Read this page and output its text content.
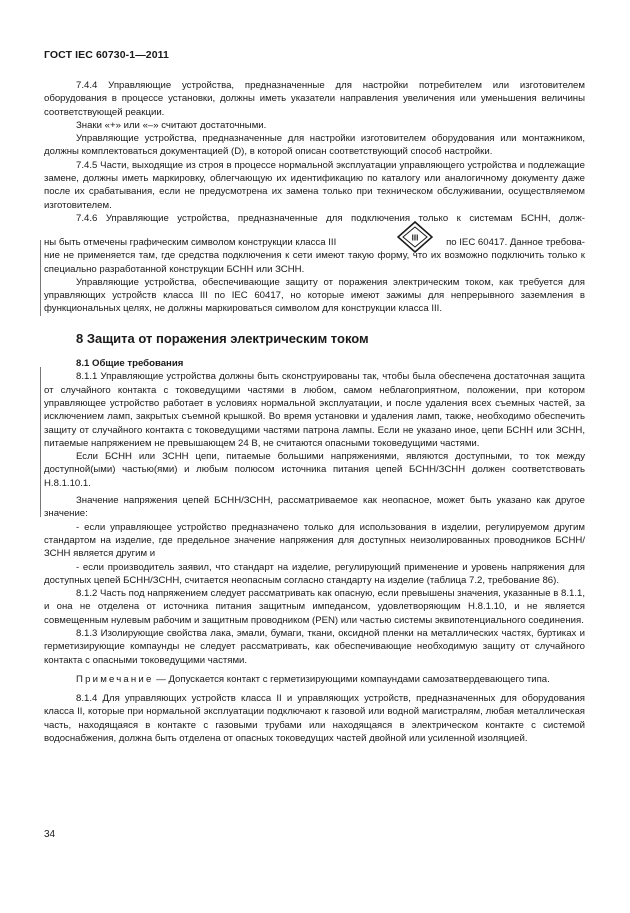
ГОСТ IEC 60730-1—2011

7.4.4 Управляющие устройства, предназначенные для настройки потребителем или изготовителем оборудования в процессе установки, должны иметь указатели направления увеличения или уменьшения величины соответствующей реакции.

Знаки «+» или «–» считают достаточными.

Управляющие устройства, предназначенные для настройки изготовителем оборудования или монтажником, должны комплектоваться документацией (D), в которой описан соответствующий способ настройки.

7.4.5 Части, выходящие из строя в процессе нормальной эксплуатации управляющего устройства и подлежащие замене, должны иметь маркировку, облегчающую их идентификацию по каталогу или аналогичному документу даже после их срабатывания, если не предусмотрена их замена только при техническом обслуживании, осуществляемом изготовителем.

7.4.6 Управляющие устройства, предназначенные для подключения только к системам БСНН, долж-

ны быть отмечены графическим символом конструкции класса III	III	по IEC 60417. Данное требова-

ние не применяется там, где средства подключения к сети имеют такую форму, что их возможно подключить только к специально разработанной конструкции БСНН или ЗСНН.

Управляющие устройства, обеспечивающие защиту от поражения электрическим током, как требуется для управляющих устройств класса III по IEC 60417, но которые имеют зажимы для непрерывного заземления в функциональных целях, не должны маркироваться символом для конструкции класса III.

8 Защита от поражения электрическим током

8.1 Общие требования

8.1.1 Управляющие устройства должны быть сконструированы так, чтобы была обеспечена достаточная защита от случайного контакта с токоведущими частями в любом, самом неблагоприятном, положении, при котором управляющее устройство работает в условиях нормальной эксплуатации, и после удаления всех съемных частей, за исключением ламп, закрытых съемной крышкой. Во время установки и удаления ламп, также, необходимо обеспечить защиту от случайного контакта с токоведущими частями патрона лампы. Если не указано иное, цепи БСНН или ЗСНН, питаемые напряжением не превышающем 24 В, не считаются опасными токоведущими частями.

Если БСНН или ЗСНН цепи, питаемые большими напряжениями, являются доступными, то ток между доступной(ыми) частью(ями) и любым полюсом источника питания цепей БСНН/ЗСНН должен соответствовать Н.8.1.10.1.

Значение напряжения цепей БСНН/ЗСНН, рассматриваемое как неопасное, может быть указано как другое значение:

- если управляющее устройство предназначено только для использования в изделии, регулируемом другим стандартом на изделие, где предельное значение напряжения для доступных неизолированных проводников БСНН/ЗСНН является другим и

- если производитель заявил, что стандарт на изделие, регулирующий применение и уровень напряжения для доступных цепей БСНН/ЗСНН, считается неопасным согласно стандарту на изделие (таблица 7.2, требование 86).

8.1.2 Часть под напряжением следует рассматривать как опасную, если превышены значения, указанные в 8.1.1, и она не отделена от источника питания защитным импедансом, удовлетворяющим Н.8.1.10, и не является совмещенным нулевым рабочим и защитным проводником (PEN) или частью системы эквипотенциального соединения.

8.1.3 Изолирующие свойства лака, эмали, бумаги, ткани, оксидной пленки на металлических частях, буртиках и герметизирующие компаунды не следует рассматривать, как обеспечивающие необходимую защиту от случайного контакта с опасными токоведущими частями.

Примечание — Допускается контакт с герметизирующими компаундами самозатвердевающего типа.

8.1.4 Для управляющих устройств класса II и управляющих устройств, предназначенных для оборудования класса II, которые при нормальной эксплуатации подключают к газовой или водной магистралям, любая металлическая часть, находящаяся в контакте с газовыми трубами или находящаяся в электрическом контакте с системой водоснабжения, должна быть отделена от опасных токоведущих частей двойной или усиленной изоляцией.

34
